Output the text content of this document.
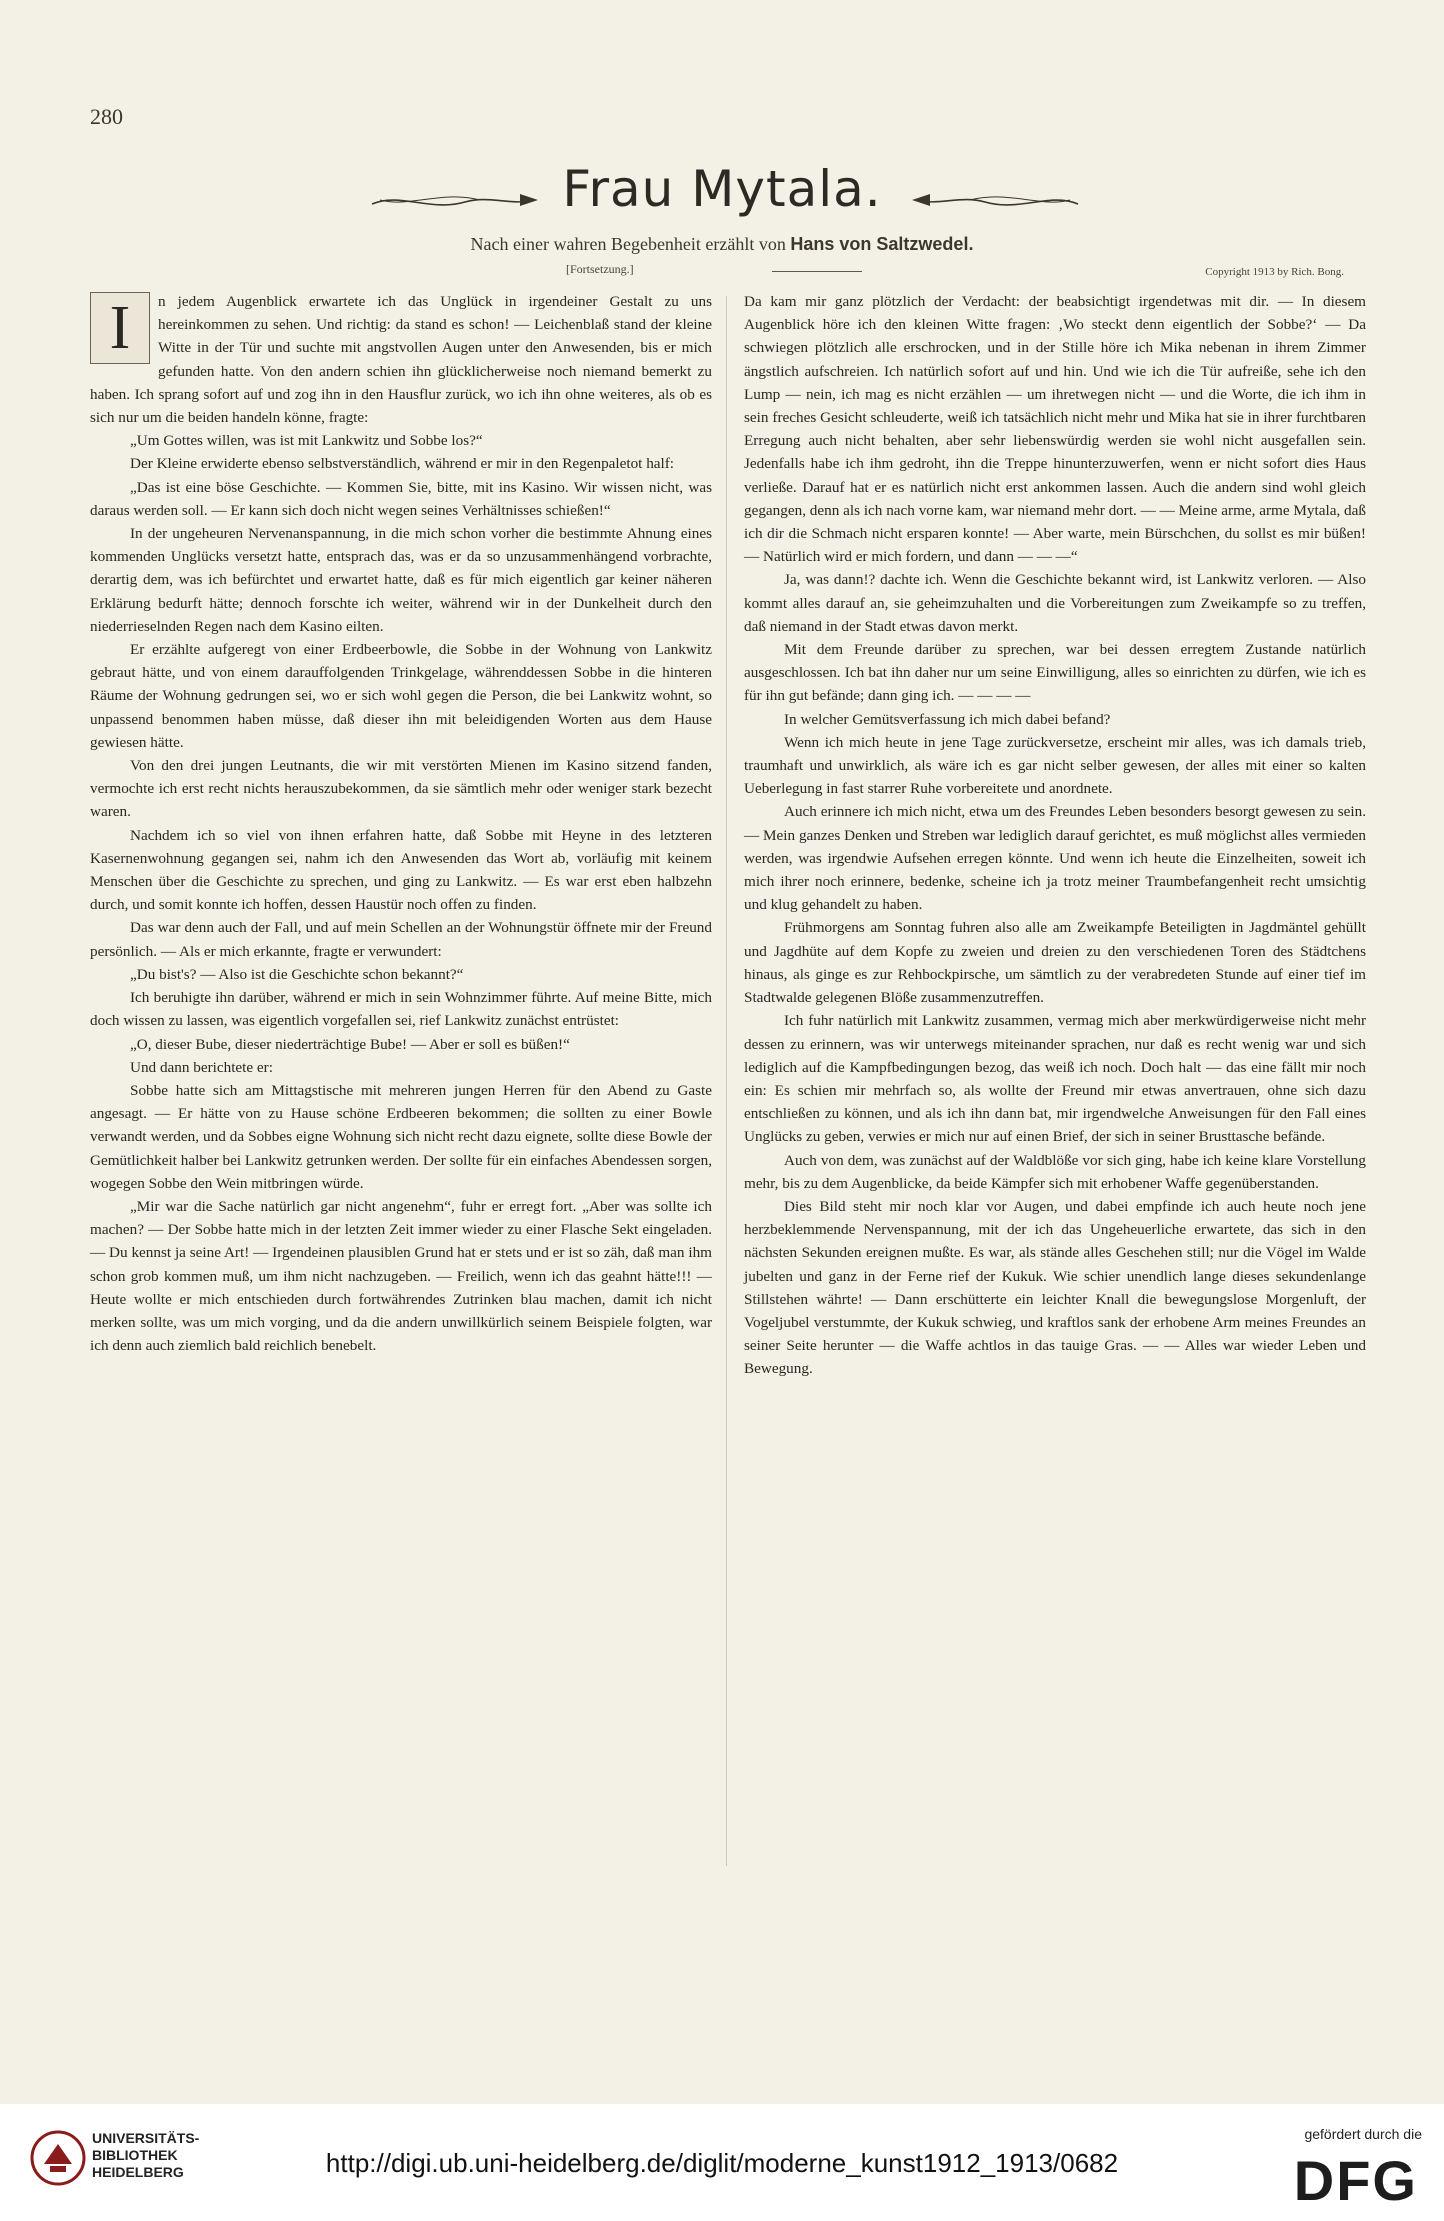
280
Frau Mytala.
Nach einer wahren Begebenheit erzählt von Hans von Saltzwedel.
[Fortsetzung.]	Copyright 1913 by Rich. Bong.

I	n jedem Augenblick erwartete ich das Unglück in irgendeiner Gestalt zu uns hereinkommen zu sehen. Und richtig: da stand es schon! — Leichenblaß stand der kleine Witte in der Tür und suchte mit angstvollen Augen unter den Anwesenden, bis er mich gefunden hatte. Von den andern schien ihn glücklicherweise noch niemand bemerkt zu haben. Ich sprang sofort auf und zog ihn in den Hausflur zurück, wo ich ihn ohne weiteres, als ob es sich nur um die beiden handeln könne, fragte:

„Um Gottes willen, was ist mit Lankwitz und Sobbe los?“

Der Kleine erwiderte ebenso selbstverständlich, während er mir in den Regenpaletot half:

„Das ist eine böse Geschichte. — Kommen Sie, bitte, mit ins Kasino. Wir wissen nicht, was daraus werden soll. — Er kann sich doch nicht wegen seines Verhältnisses schießen!“

In der ungeheuren Nervenanspannung, in die mich schon vorher die bestimmte Ahnung eines kommenden Unglücks versetzt hatte, entsprach das, was er da so unzusammenhängend vorbrachte, derartig dem, was ich befürchtet und erwartet hatte, daß es für mich eigentlich gar keiner näheren Erklärung bedurft hätte; dennoch forschte ich weiter, während wir in der Dunkelheit durch den niederrieselnden Regen nach dem Kasino eilten.

Er erzählte aufgeregt von einer Erdbeerbowle, die Sobbe in der Wohnung von Lankwitz gebraut hätte, und von einem darauffolgenden Trinkgelage, währenddessen Sobbe in die hinteren Räume der Wohnung gedrungen sei, wo er sich wohl gegen die Person, die bei Lankwitz wohnt, so unpassend benommen haben müsse, daß dieser ihn mit beleidigenden Worten aus dem Hause gewiesen hätte.

Von den drei jungen Leutnants, die wir mit verstörten Mienen im Kasino sitzend fanden, vermochte ich erst recht nichts herauszubekommen, da sie sämtlich mehr oder weniger stark bezecht waren.

Nachdem ich so viel von ihnen erfahren hatte, daß Sobbe mit Heyne in des letzteren Kasernenwohnung gegangen sei, nahm ich den Anwesenden das Wort ab, vorläufig mit keinem Menschen über die Geschichte zu sprechen, und ging zu Lankwitz. — Es war erst eben halbzehn durch, und somit konnte ich hoffen, dessen Haustür noch offen zu finden.

Das war denn auch der Fall, und auf mein Schellen an der Wohnungstür öffnete mir der Freund persönlich. — Als er mich erkannte, fragte er verwundert:

„Du bist's? — Also ist die Geschichte schon bekannt?“

Ich beruhigte ihn darüber, während er mich in sein Wohnzimmer führte. Auf meine Bitte, mich doch wissen zu lassen, was eigentlich vorgefallen sei, rief Lankwitz zunächst entrüstet:

„O, dieser Bube, dieser niederträchtige Bube! — Aber er soll es büßen!“

Und dann berichtete er:

Sobbe hatte sich am Mittagstische mit mehreren jungen Herren für den Abend zu Gaste angesagt. — Er hätte von zu Hause schöne Erdbeeren bekommen; die sollten zu einer Bowle verwandt werden, und da Sobbes eigne Wohnung sich nicht recht dazu eignete, sollte diese Bowle der Gemütlichkeit halber bei Lankwitz getrunken werden. Der sollte für ein einfaches Abendessen sorgen, wogegen Sobbe den Wein mitbringen würde.

„Mir war die Sache natürlich gar nicht angenehm“, fuhr er erregt fort. „Aber was sollte ich machen? — Der Sobbe hatte mich in der letzten Zeit immer wieder zu einer Flasche Sekt eingeladen. — Du kennst ja seine Art! — Irgendeinen plausiblen Grund hat er stets und er ist so zäh, daß man ihm schon grob kommen muß, um ihm nicht nachzugeben. — Freilich, wenn ich das geahnt hätte!!! — Heute wollte er mich entschieden durch fortwährendes Zutrinken blau machen, damit ich nicht merken sollte, was um mich vorging, und da die andern unwillkürlich seinem Beispiele folgten, war ich denn auch ziemlich bald reichlich benebelt.

Da kam mir ganz plötzlich der Verdacht: der beabsichtigt irgendetwas mit dir. — In diesem Augenblick höre ich den kleinen Witte fragen: ‚Wo steckt denn eigentlich der Sobbe?‘ — Da schwiegen plötzlich alle erschrocken, und in der Stille höre ich Mika nebenan in ihrem Zimmer ängstlich aufschreien. Ich natürlich sofort auf und hin. Und wie ich die Tür aufreiße, sehe ich den Lump — nein, ich mag es nicht erzählen — um ihretwegen nicht — und die Worte, die ich ihm in sein freches Gesicht schleuderte, weiß ich tatsächlich nicht mehr und Mika hat sie in ihrer furchtbaren Erregung auch nicht behalten, aber sehr liebenswürdig werden sie wohl nicht ausgefallen sein. Jedenfalls habe ich ihm gedroht, ihn die Treppe hinunterzuwerfen, wenn er nicht sofort dies Haus verließe. Darauf hat er es natürlich nicht erst ankommen lassen. Auch die andern sind wohl gleich gegangen, denn als ich nach vorne kam, war niemand mehr dort. — — Meine arme, arme Mytala, daß ich dir die Schmach nicht ersparen konnte! — Aber warte, mein Bürschchen, du sollst es mir büßen! — Natürlich wird er mich fordern, und dann — — —“

Ja, was dann!? dachte ich. Wenn die Geschichte bekannt wird, ist Lankwitz verloren. — Also kommt alles darauf an, sie geheimzuhalten und die Vorbereitungen zum Zweikampfe so zu treffen, daß niemand in der Stadt etwas davon merkt.

Mit dem Freunde darüber zu sprechen, war bei dessen erregtem Zustande natürlich ausgeschlossen. Ich bat ihn daher nur um seine Einwilligung, alles so einrichten zu dürfen, wie ich es für ihn gut befände; dann ging ich. — — — —

In welcher Gemütsverfassung ich mich dabei befand?

Wenn ich mich heute in jene Tage zurückversetze, erscheint mir alles, was ich damals trieb, traumhaft und unwirklich, als wäre ich es gar nicht selber gewesen, der alles mit einer so kalten Ueberlegung in fast starrer Ruhe vorbereitete und anordnete.

Auch erinnere ich mich nicht, etwa um des Freundes Leben besonders besorgt gewesen zu sein. — Mein ganzes Denken und Streben war lediglich darauf gerichtet, es muß möglichst alles vermieden werden, was irgendwie Aufsehen erregen könnte. Und wenn ich heute die Einzelheiten, soweit ich mich ihrer noch erinnere, bedenke, scheine ich ja trotz meiner Traumbefangenheit recht umsichtig und klug gehandelt zu haben.

Frühmorgens am Sonntag fuhren also alle am Zweikampfe Beteiligten in Jagdmäntel gehüllt und Jagdhüte auf dem Kopfe zu zweien und dreien zu den verschiedenen Toren des Städtchens hinaus, als ginge es zur Rehbockpirsche, um sämtlich zu der verabredeten Stunde auf einer tief im Stadtwalde gelegenen Blöße zusammenzutreffen.

Ich fuhr natürlich mit Lankwitz zusammen, vermag mich aber merkwürdigerweise nicht mehr dessen zu erinnern, was wir unterwegs miteinander sprachen, nur daß es recht wenig war und sich lediglich auf die Kampfbedingungen bezog, das weiß ich noch. Doch halt — das eine fällt mir noch ein: Es schien mir mehrfach so, als wollte der Freund mir etwas anvertrauen, ohne sich dazu entschließen zu können, und als ich ihn dann bat, mir irgendwelche Anweisungen für den Fall eines Unglücks zu geben, verwies er mich nur auf einen Brief, der sich in seiner Brusttasche befände.

Auch von dem, was zunächst auf der Waldblöße vor sich ging, habe ich keine klare Vorstellung mehr, bis zu dem Augenblicke, da beide Kämpfer sich mit erhobener Waffe gegenüberstanden.

Dies Bild steht mir noch klar vor Augen, und dabei empfinde ich auch heute noch jene herzbeklemmende Nervenspannung, mit der ich das Ungeheuerliche erwartete, das sich in den nächsten Sekunden ereignen mußte. Es war, als stände alles Geschehen still; nur die Vögel im Walde jubelten und ganz in der Ferne rief der Kukuk. Wie schier unendlich lange dieses sekundenlange Stillstehen währte! — Dann erschütterte ein leichter Knall die bewegungslose Morgenluft, der Vogeljubel verstummte, der Kukuk schwieg, und kraftlos sank der erhobene Arm meines Freundes an seiner Seite herunter — die Waffe achtlos in das tauige Gras. — — Alles war wieder Leben und Bewegung.

UNIVERSITÄTS-
BIBLIOTHEK
HEIDELBERG	http://digi.ub.uni-heidelberg.de/diglit/moderne_kunst1912_1913/0682
gefördert durch die
DFG
